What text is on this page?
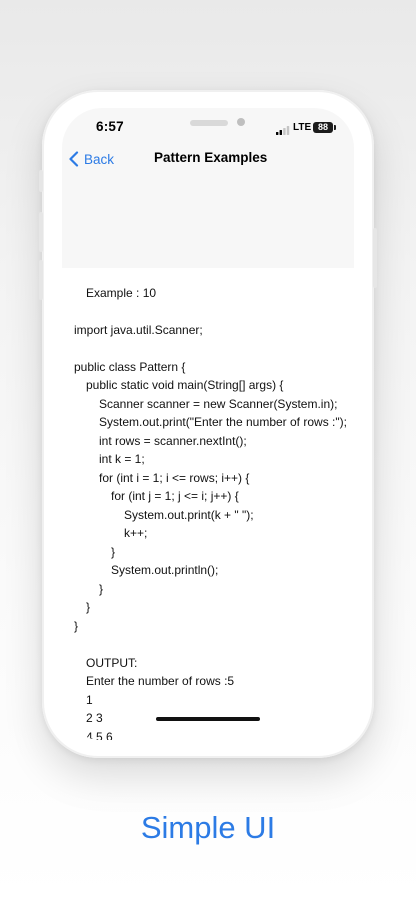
6:57	LTE 88
Back	Pattern Examples
Example : 10
import java.util.Scanner;
public class Pattern {
public static void main(String[] args) {
Scanner scanner = new Scanner(System.in);
System.out.print("Enter the number of rows :");
int rows = scanner.nextInt();
int k = 1;
for (int i = 1; i <= rows; i++) {
for (int j = 1; j <= i; j++) {
System.out.print(k + " ");
k++;
}
System.out.println();
}
}
}
OUTPUT:
Enter the number of rows :5
1
2 3
4 5 6
Simple UI
